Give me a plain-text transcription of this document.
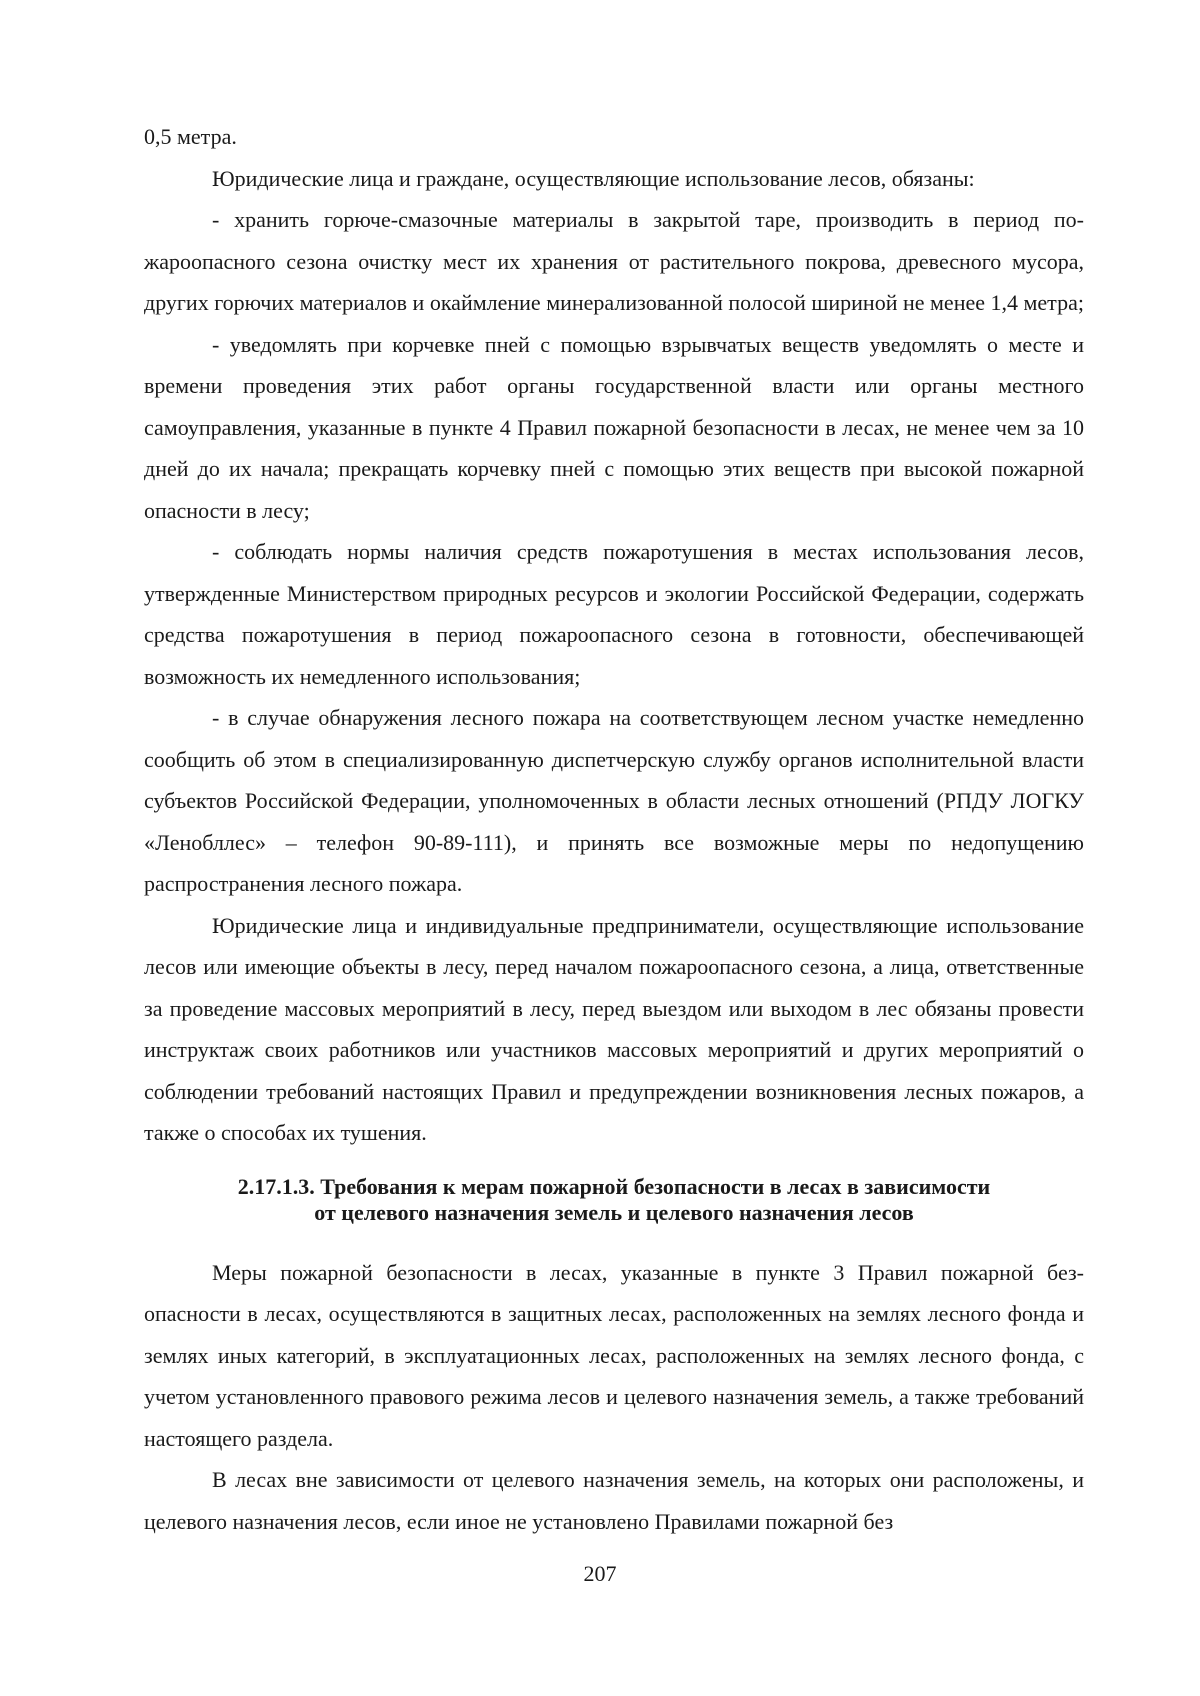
0,5 метра.

Юридические лица и граждане, осуществляющие использование лесов, обязаны:

- хранить горюче-смазочные материалы в закрытой таре, производить в период пожароопасного сезона очистку мест их хранения от растительного покрова, древесного мусора, других горючих материалов и окаймление минерализованной полосой шириной не менее 1,4 метра;

- уведомлять при корчевке пней с помощью взрывчатых веществ уведомлять о месте и времени проведения этих работ органы государственной власти или органы местного самоуправления, указанные в пункте 4 Правил пожарной безопасности в лесах, не менее чем за 10 дней до их начала; прекращать корчевку пней с помощью этих веществ при высокой пожарной опасности в лесу;

- соблюдать нормы наличия средств пожаротушения в местах использования лесов, утвержденные Министерством природных ресурсов и экологии Российской Федерации, содержать средства пожаротушения в период пожароопасного сезона в готовности, обеспечивающей возможность их немедленного использования;

- в случае обнаружения лесного пожара на соответствующем лесном участке немедленно сообщить об этом в специализированную диспетчерскую службу органов исполнительной власти субъектов Российской Федерации, уполномоченных в области лесных отношений (РПДУ ЛОГКУ «Ленобллес» – телефон 90-89-111), и принять все возможные меры по недопущению распространения лесного пожара.

Юридические лица и индивидуальные предприниматели, осуществляющие использование лесов или имеющие объекты в лесу, перед началом пожароопасного сезона, а лица, ответственные за проведение массовых мероприятий в лесу, перед выездом или выходом в лес обязаны провести инструктаж своих работников или участников массовых мероприятий и других мероприятий о соблюдении требований настоящих Правил и предупреждении возникновения лесных пожаров, а также о способах их тушения.

2.17.1.3. Требования к мерам пожарной безопасности в лесах в зависимости
от целевого назначения земель и целевого назначения лесов

Меры пожарной безопасности в лесах, указанные в пункте 3 Правил пожарной безопасности в лесах, осуществляются в защитных лесах, расположенных на землях лесного фонда и землях иных категорий, в эксплуатационных лесах, расположенных на землях лесного фонда, с учетом установленного правового режима лесов и целевого назначения земель, а также требований настоящего раздела.

В лесах вне зависимости от целевого назначения земель, на которых они расположены, и целевого назначения лесов, если иное не установлено Правилами пожарной без

207
